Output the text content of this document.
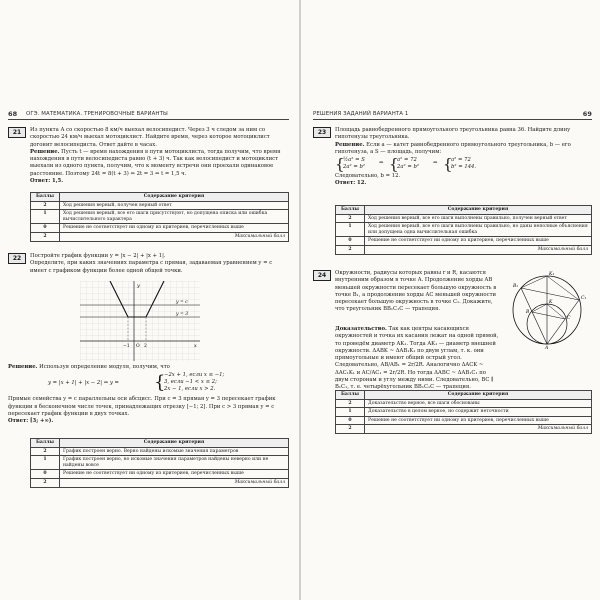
68 ОГЭ. МАТЕМАТИКА. ТРЕНИРОВОЧНЫЕ ВАРИАНТЫ
21	Из пункта А со скоростью 8 км/ч выехал велосипедист. Через 3 ч следом за ним со скоростью 24 км/ч выехал мотоциклист. Найдите время, через которое мотоциклист догонит велосипедиста. Ответ дайте в часах.

Решение. Пусть t — время нахождения в пути мотоциклиста, тогда получим, что время нахождения в пути велосипедиста равно (t + 3) ч. Так как велосипедист и мотоциклист выехали из одного пункта, получим, что к моменту встречи они проехали одинаковое расстояние. Поэтому 24t = 8(t + 3) ⇔ 2t = 3 ⇔ t = 1,5 ч.

Ответ: 1,5.

Баллы	Содержание критерия
2	Ход решения верный, получен верный ответ
1	Ход решения верный, все его шаги присутствуют, но допущена описка или ошибка вычислительного характера
0	Решение не соответствует ни одному из критериев, перечисленных выше
2	Максимальный балл
22	Постройте график функции y = |x − 2| + |x + 1|.

Определите, при каких значениях параметра c прямая, задаваемая уравнением y = c имеет с графиком функции более одной общей точки.

y
x
y = 3
y = c
−1	2
O

Решение. Используя определение модуля, получим, что

y = |x + 1| + |x − 2| ⇔ y = {
−2x + 1, если x ≤ −1;
3, если −1 < x ≤ 2;
2x − 1, если x > 2.

Прямые семейства y = c параллельны оси абсцисс. При c = 3 прямая y = 3 пересекает график функции в бесконечном числе точек, принадлежащих отрезку [−1; 2]. При c > 3 прямая y = c пересекает график функции в двух точках.

Ответ: [3; +∞).

Баллы	Содержание критерия
2	График построен верно. Верно найдены искомые значения параметров
1	График построен верно, но искомые значения параметров найдены неверно или не найдены вовсе
0	Решение не соответствует ни одному из критериев, перечисленных выше
2	Максимальный балл
РЕШЕНИЯ ЗАДАНИЙ ВАРИАНТА 1	69
23	Площадь равнобедренного прямоугольного треугольника равна 36. Найдите длину гипотенузы треугольника.

Решение. Если a — катет равнобедренного прямоугольного треугольника, b — его гипотенуза, а S — площадь, получим:

{
½a² = S
2a² = b²
⇔ {
a² = 72
2a² = b²
⇔ {
a² = 72
b² = 144.

Следовательно, b = 12.

Ответ: 12.

Баллы	Содержание критерия
2	Ход решения верный, все его шаги выполнены правильно, получен верный ответ
1	Ход решения верный, все его шаги выполнены правильно, но даны неполные объяснения или допущена одна вычислительная ошибка
0	Решение не соответствует ни одному из критериев, перечисленных выше
2	Максимальный балл
24	Окружности, радиусы которых равны r и R, касаются внутренним образом в точке A. Продолжение хорды AB меньшей окружности пересекает большую окружность в точке B₁, а продолжение хорды AC меньшей окружности пересекает большую окружность в точке C₁. Докажите, что треугольник BB₁C₁C — трапеция.

Доказательство. Так как центры касающихся окружностей и точка их касания лежат на одной прямой, то проведём диаметр AK₁. Тогда AK₁ — диаметр внешней окружности. ΔABK ~ ΔAB₁K₁ по двум углам, т. к. они прямоугольные и имеют общий острый угол. Следовательно, AB/AB₁ = 2r/2R. Аналогично ΔACK ~ ΔAC₁K₁ и AC/AC₁ = 2r/2R. Но тогда ΔABC ~ ΔAB₁C₁ по двум сторонам и углу между ними. Следовательно, BC ∥ B₁C₁, т. е. четырёхугольник BB₁C₁C — трапеция.

K₁
B₁
C₁
B
C
K
A
Баллы	Содержание критерия
2	Доказательство верное, все шаги обоснованы
1	Доказательство в целом верное, но содержит неточности
0	Решение не соответствует ни одному из критериев, перечисленных выше
2	Максимальный балл
